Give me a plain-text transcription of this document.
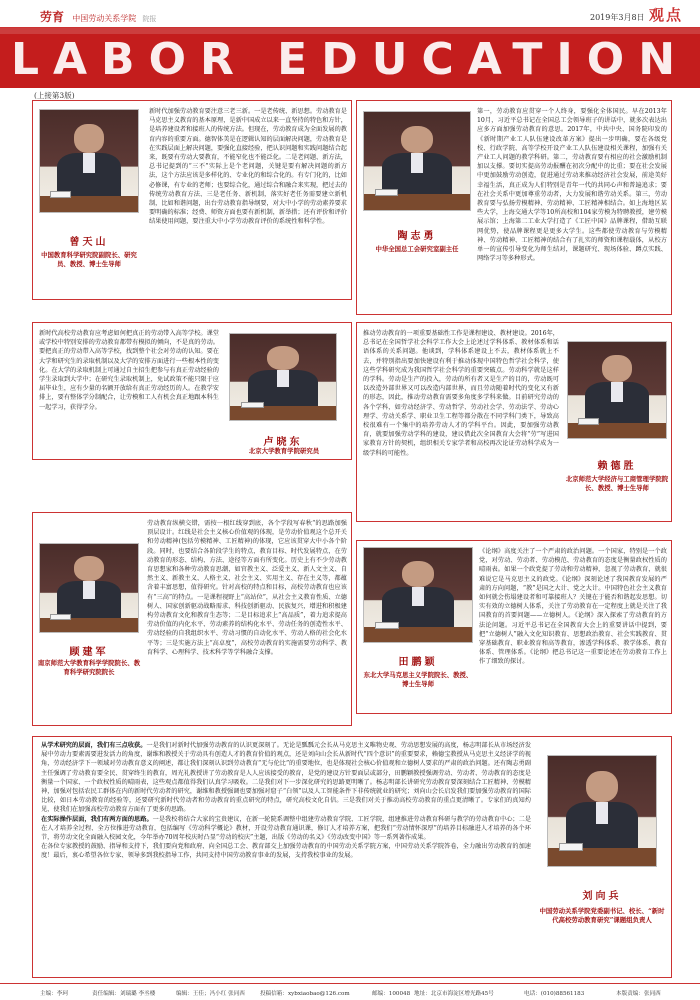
劳育 中国劳动关系学院 院报	2019年3月8日 观点
LABOR EDUCATION
(上接第3版)
曾天山
中国教育科学研究院副院长、研究员、教授、博士生导师
新时代加强劳动教育要注意三老三新。一是老传统、新思想。劳动教育是马克思主义教育的基本原理，是新中国成立以来一直坚持的特色和方针，是培养建设者和接班人的传统方法。但现在，劳动教育成为全面发展的教育内容的重要方面。德智体美是在逻辑认知的层面解决问题，劳动教育是在实践层面上解决问题，要强化直接经验，把认识问题和实践问题结合起来，既要有劳动大要教育，不能窄化也不能泛化。二是老问题、新方法，总书记提到的“三不”实际上是个老问题，关键是要有解决问题的新方法，这个方法应该是多样化的、专业化的和综合化的。有专门化的，比如必修课，有专业的老师；也要综合化，通过综合和融合来实现，把过去的传统劳动教育方法、三是老任务、新机制，落实好老任务需要建立新机制，比如和谐问题，出台劳动教育指导纲要，对大中小学的劳动素养要求要明确的标准；经费、师资方面也要有新机制，新举措；还有评价和评价结果使用问题，要注重大中小学劳动教育评价的系统性和科学性。
陶志勇
中华全国总工会研究室副主任
第一，劳动教育应贯穿一个人终身，要强化全体国民。早在2013年10月，习近平总书记在全国总工会领导班子的讲话中，就多次表达出应多方面加强劳动教育的意思。2017年，中共中央、国务院印发的《新时期产业工人队伍建设改革方案》提出一步明确，要在各级党校、行政学院、高等学校开设产业工人队伍建设相关课程，加强有关产业工人问题的教学科研。第二，劳动教育要有相应的社会激励机制加以支撑。要切实提高劳动报酬在初次分配中的比重；要在社会发展中更加鼓励劳动创造，促进通过劳动来推动经济社会发展，前途美好幸福生活，真正成为人们特别是青年一代的共同心声和普遍追求；要在社会关系中更加尊重劳动者，大力发展和谐劳动关系。第三，劳动教育要与弘扬劳模精神、劳动精神、工匠精神相结合。如上海地区某些大学，上海交通大学等10所高校和104家劳模为特聘教授，建劳模展示馆；上海第二工业大学打造了《工匠中国》品牌课程，借助互联网优势，使品牌课程更是更多大学生。这些都使劳动教育与劳模精神、劳动精神、工匠精神的结合有了扎实的师资和课程载体，从校方单一的宣传引导变化为师生结对，课题研究、现场体验、蹲点实践、网络学习等多种形式。
新时代高校劳动教育应考虑如何把真正的劳动带入高等学校。课堂或学校中特别安排的劳动教育都带有模拟的倾向，不是真的劳动。要把真正的劳动带入高等学校，找到整个社会对劳动的认知。要在大学和研究生的录取机制以及大学的安排方面进行一些根本性的变化。在大学的录取机制上可通过自主招生把参与有真正劳动经验的学生录取到大学中；在研究生录取机制上，免试政策不能只限于应届毕业生，应有少量的名额开放给有真正劳动经历的人。在教学安排上，要有整体学分制配合，让劳模和工人有机会真正地跟本科生一起学习，获得学分。
卢晓东
北京大学教育学院研究员
推动劳动教育的一项重要基础性工作是课程建设、教材建设。2016年，总书记在全国哲学社会科学工作大会上论述过学科体系、教材体系和话语体系的关系问题。他谈到，学科体系建设上不去，教材体系就上不去，并特别指出要加快建设有利于推动体现中国特色哲学社会科学，使这些学科研究成为我国哲学社会科学的重要突破点。劳动科学就是这样的学科。劳动是生产的投入，劳动的所有者又是生产的目的，劳动既可以改造外部世界又可以改造内部世界，而且劳动随着时代的变化又有新的形态，因此，推动劳动教育需要多角度多学科来做。目前研究劳动的各个学科，如劳动经济学、劳动哲学、劳动社会学、劳动法学、劳动心理学、劳动关系学、职业卫生工程等都分散在不同学科门类下，导致高校很难有一个集中的培养劳动人才的学科平台。因此，要加强劳动教育，就要加强劳动学科的建设，建议借此次全国教育大会将“劳”写进国家教育方针的契机，组织相关专家学者和高校再次论证劳动科学成为一级学科的可能性。
赖德胜
北京师范大学经济与工商管理学院院长、教授、博士生导师
顾建军
南京师范大学教育科学学院院长、教育科学研究院院长
劳动教育纵横交错，需按一根红线穿到底，各个学段写春秋“的思路加强顶层设计。红线是社会主义核心价值观的体现，是劳动价值观这个总开关和劳动精神(包括劳模精神、工匠精神)的体现，它应该贯穿大中小各个阶段。同时，也要结合各阶段学生的特点，教育目标、时代发展特点，在劳动教育的形态、结构、方法、途径等方面有所变化。历史上有不少劳动教育思想家和各种劳动教育思潮，如官教主义、泛爱主义、新人文主义、自然主义、新教主义、人格主义、社会主义、实用主义、存在主义等，都蕴含着丰富思想，值得研究。针对高校的特点和目标，高校劳动教育也应该有“三高”的特点。一是课程视野上“高站位”，从社会主义教育性质、立德树人、国家创新驱动战略需求、科技创新驱动、民族复兴，增进和积极建构劳动教育文化和教育生态等；二是目标追求上“高品质”，着力追求提高劳动价值的内化水平、劳动素养的结构化水平、劳动任务的创造性水平、劳动经验的自我组织水平、劳动习惯的自动化水平、劳动人格的社会化水平等；三是实施方法上“高卓度”，高校劳动教育的实施需要劳动科学、教育科学、心理科学、技术科学等学科融合支撑。
田鹏颖
东北大学马克思主义学院院长、教授、博士生导师
《论纲》高度关注了一个严肃的政治问题。一个国家，特别是一个政党，对劳动、劳动者、劳动模范、劳动教育的态度是衡量政权性质的晴雨表。如果一个政党提了劳动和劳动精神，忽视了劳动教育，就很难说它是马克思主义的政党。《论纲》深刻论述了我国教育发展的严肃的方向问题，“教”是国之大计、党之大计。中国特色社会主义教育如何就会伤塌建设者和可靠接班人？关键在于能否和谐起发思想。切实有效的立德树人体系，关注了劳动教育在一定程度上就是关注了我国教育的首要问题——立德树人。《论纲》深入探索了劳动教育的方法论问题。习近平总书记在全国教育大会上的重要讲话中提到，要把“立德树人”融入文化知识教育、思想政治教育、社会实践教育、贯穿基础教育、职业教育和高等教育，渗透学科体系、教学体系、教育体系、管理体系。《论纲》把总书记这一重要论述在劳动教育工作上作了细致的探讨。
从学术研究的层面，我们有三点收获。一是我们对新时代加强劳动教育的认识更深刻了。无论是瓢瓢元会长从马克思主义唯物史观、劳动思想发展的高度，杨志明部长从市场经济发展中劳动力要素需要进发活力的角度，谢维和教授关于劳动具有创造人才的教育价值的观点，还是刘向山会长从新时代“四个意识”的重要要求，赖德宝教授从马克思主义经济学的视角，劳动经济学下一领域对劳动教育意义的阐述，都让我们深刻认识到劳动教育“无与伦比”的重要地位，也是体现社会核心价值观和立德树人要求的严肃的政治问题。还有陶志勇副主任强调了劳动教育要全民、贯穿终生的教育，周光礼教授讲了劳动教育是人人应该接受的教育，是党的建设方针要面层或部分，田鹏颖教授强调劳动、劳动者、劳动教育的态度是衡量一个国家、一个政权性质的晴雨表，这些观点都值得我们认真学习吸收。二是我们对下一步深化研究的思路更明晰了。杨志明部长讲研究劳动教育要深刻结合工匠精神、劳模精神，加强对包括农民工群体在内的新时代劳动者的研究，谢维和教授强调也要加强对窟子“白领”以及人工智能条件下非传统就业的研究；刘向山会长启发我们要加强劳动教育的国际比较，如日本劳动教育的经验等，还要研究新时代劳动者和劳动教育的重点研究的特点，研究高校文化自信。三是我们对关于推动高校劳动教育的重点更清晰了。专家们的真知灼见，使我们在加强高校劳动教育方面有了更多的思路。
在实际操作层面，我们有两方面的思路。一是我校将结合大家的宝贵建议，在新一轮院系调整中组建劳动教育学院、工匠学院，组建推进劳动教育科研与教学的劳动教育中心；二是在人才培养全过程、全方位推进劳动教育，包括编写《劳动科学概论》教材，开设劳动教育通识课，修订人才培养方案，把我们“劳动情怀深厚”的培养目标融进人才培养的各个环节，将劳动文化全面融入校园文化，今年举办70周年校庆时凸显“劳动的校庆”主题，出版《劳动的名义》《劳动改变中国》等一系列著作成果。
在各位专家教授的鼓励、指导和支持下，我们要向党和政府、向全国总工会、教育部交上加强劳动教育的中国劳动关系学院方案，中国劳动关系学院答卷，全力融出劳动教育的加速度！最后，衷心希望各位专家、领导多到我校指导工作，共同支持中国劳动教育事业的发展，支持我校事业的发展。
刘向兵
中国劳动关系学院党委副书记、校长、“新时代高校劳动教育研究”课题组负责人
主编：李珂	责任编辑：刘瑞璐 李丞楼	编辑：王佳；冯小红 张同西	投稿信箱：xybxiaobao@126.com	邮编：100048 地址：北京市海淀区增光路45号	电话：(010)88561183	本版责编：张同西
